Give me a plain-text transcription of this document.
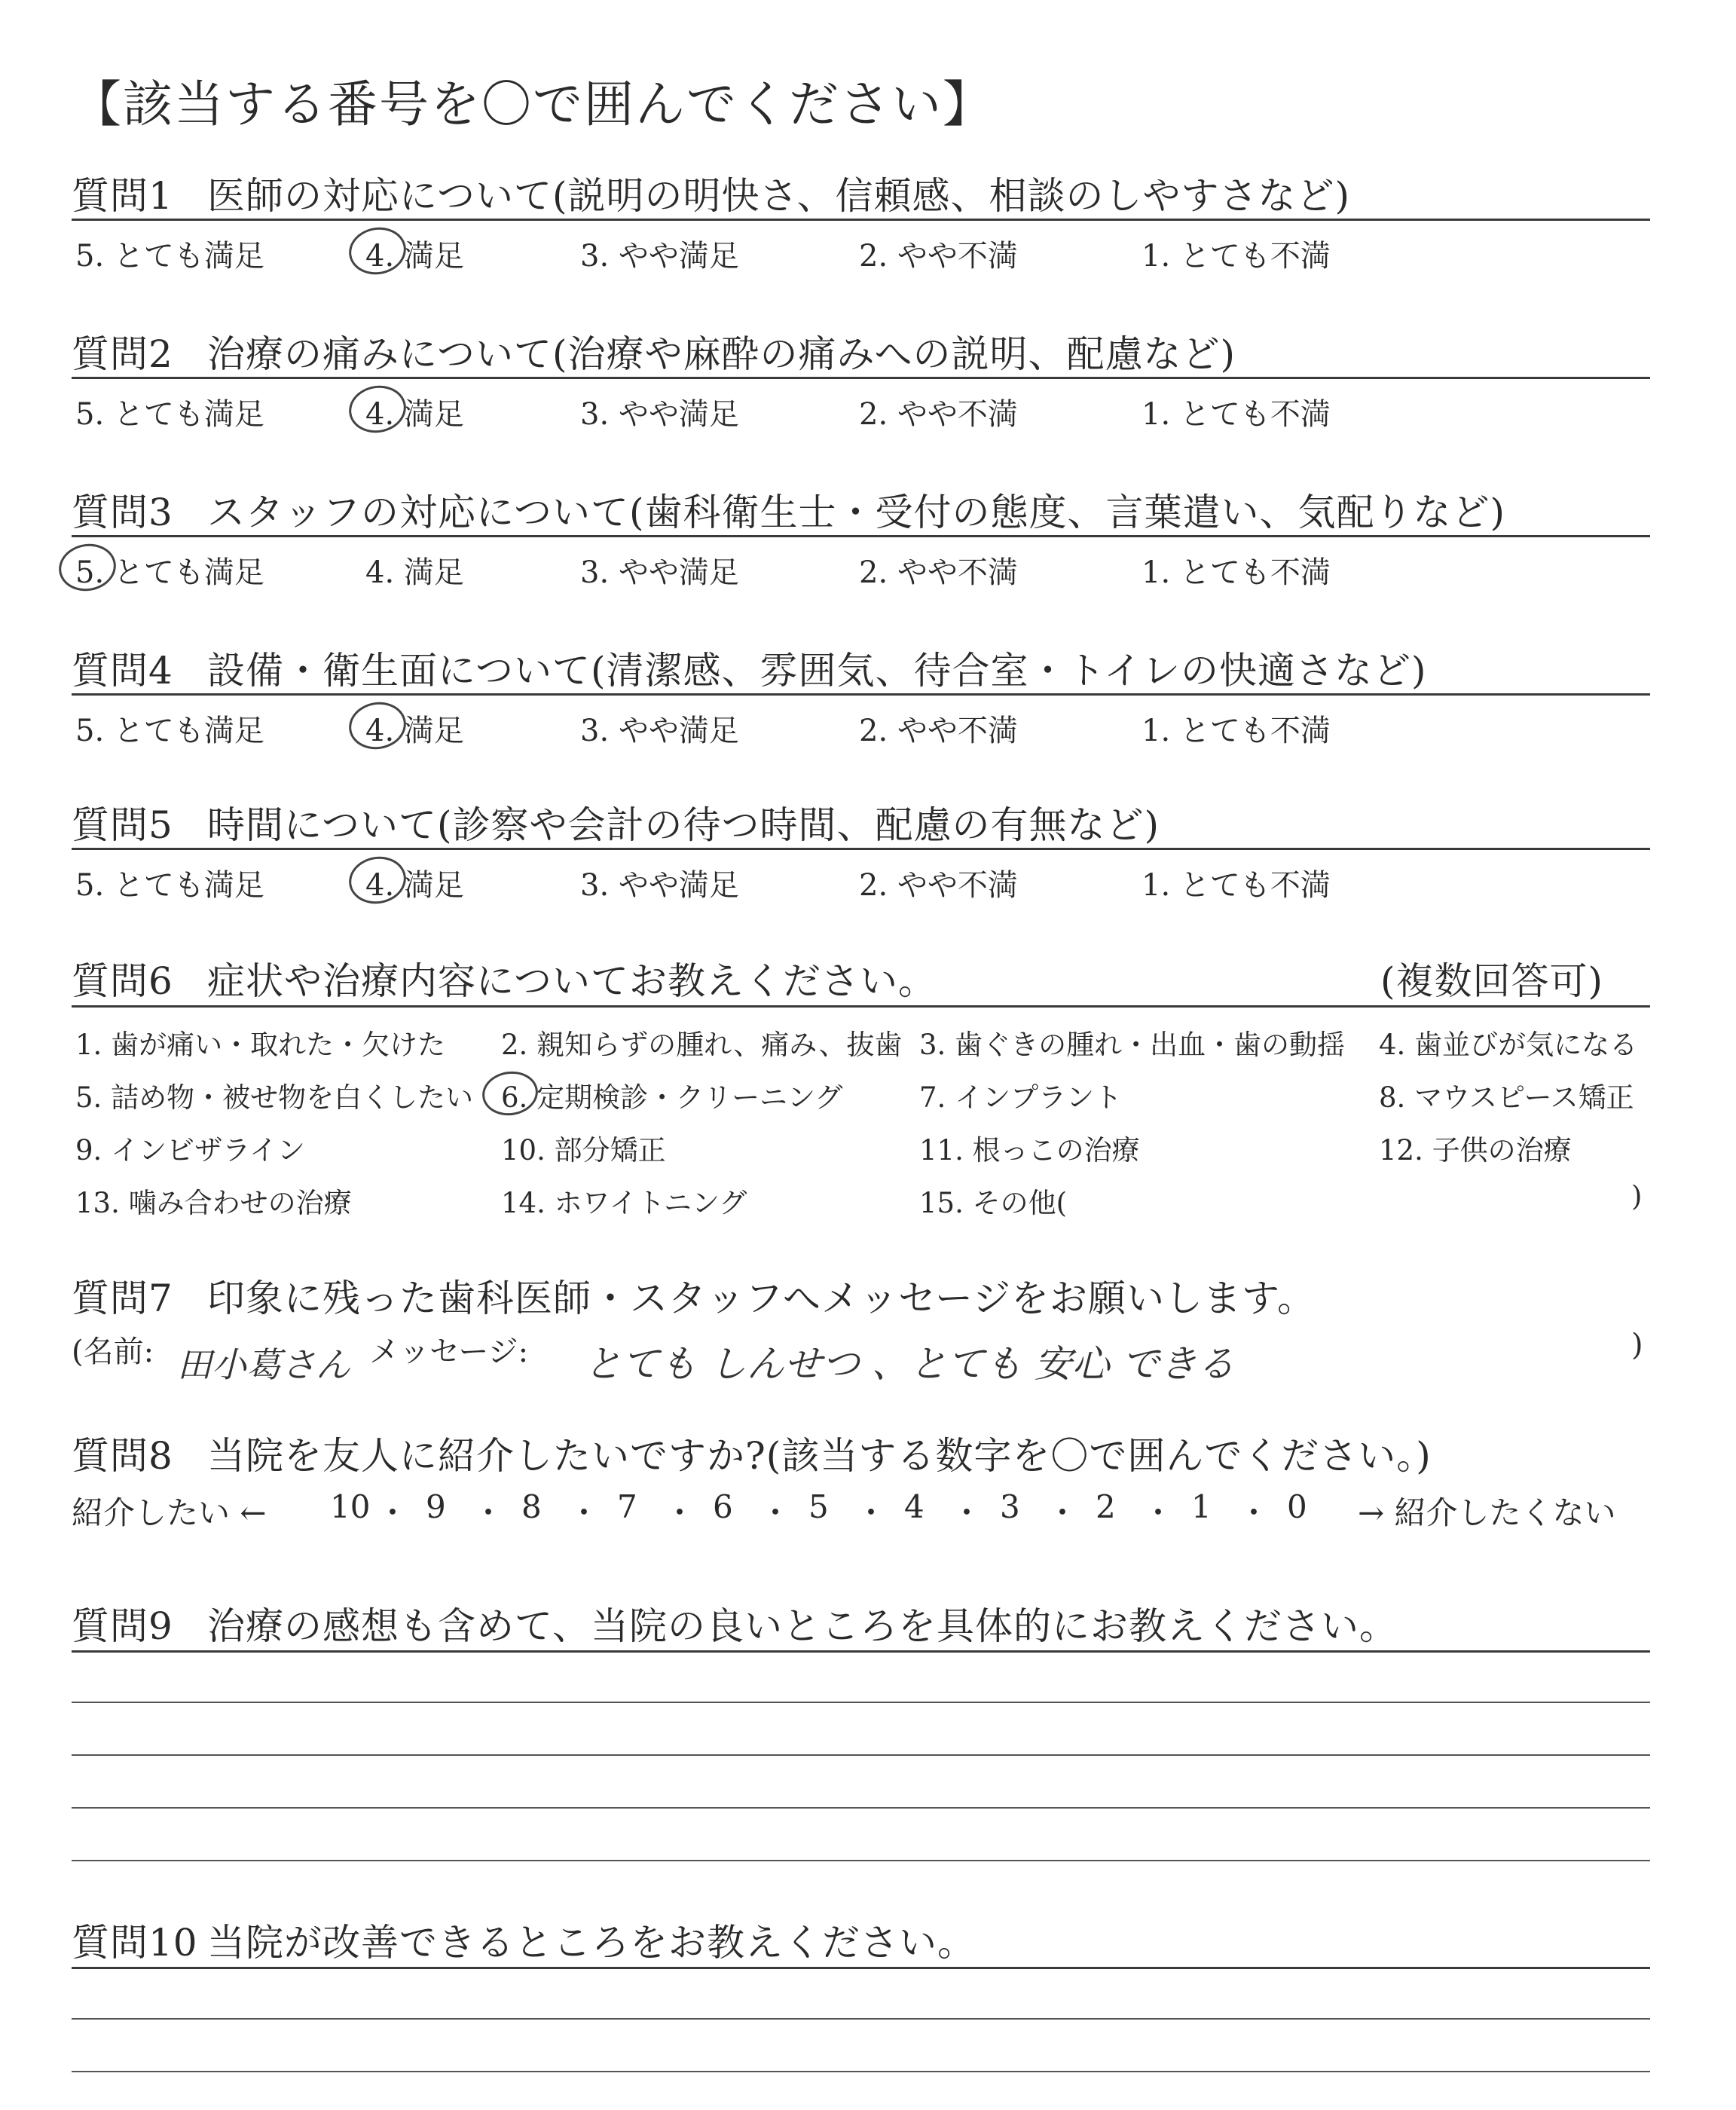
【該当する番号を〇で囲んでください】
質問1 医師の対応について(説明の明快さ、信頼感、相談のしやすさなど)
5. とても満足	4. 満足	3. やや満足	2. やや不満	1. とても不満
質問2 治療の痛みについて(治療や麻酔の痛みへの説明、配慮など)
5. とても満足	4. 満足	3. やや満足	2. やや不満	1. とても不満
質問3 スタッフの対応について(歯科衛生士・受付の態度、言葉遣い、気配りなど)
5. とても満足	4. 満足	3. やや満足	2. やや不満	1. とても不満
質問4 設備・衛生面について(清潔感、雰囲気、待合室・トイレの快適さなど)
5. とても満足	4. 満足	3. やや満足	2. やや不満	1. とても不満
質問5 時間について(診察や会計の待つ時間、配慮の有無など)
5. とても満足	4. 満足	3. やや満足	2. やや不満	1. とても不満
質問6 症状や治療内容についてお教えください。	(複数回答可)
1. 歯が痛い・取れた・欠けた 2. 親知らずの腫れ、痛み、抜歯 3. 歯ぐきの腫れ・出血・歯の動揺 4. 歯並びが気になる
5. 詰め物・被せ物を白くしたい 6. 定期検診・クリーニング	7. インプラント	8. マウスピース矯正
9. インビザライン	10. 部分矯正	11. 根っこの治療	12. 子供の治療
13. 噛み合わせの治療	14. ホワイトニング	15. その他(	)
質問7 印象に残った歯科医師・スタッフへメッセージをお願いします。
(名前: 田小葛さん メッセージ: とても しんせつ 、とても 安心 できる	)
質問8 当院を友人に紹介したいですか?(該当する数字を〇で囲んでください。)
紹介したい ← 10 ・ 9 ・ 8 ・ 7 ・ 6 ・ 5 ・ 4 ・ 3 ・ 2 ・ 1 ・ 0 → 紹介したくない
質問9 治療の感想も含めて、当院の良いところを具体的にお教えください。
質問10 当院が改善できるところをお教えください。
